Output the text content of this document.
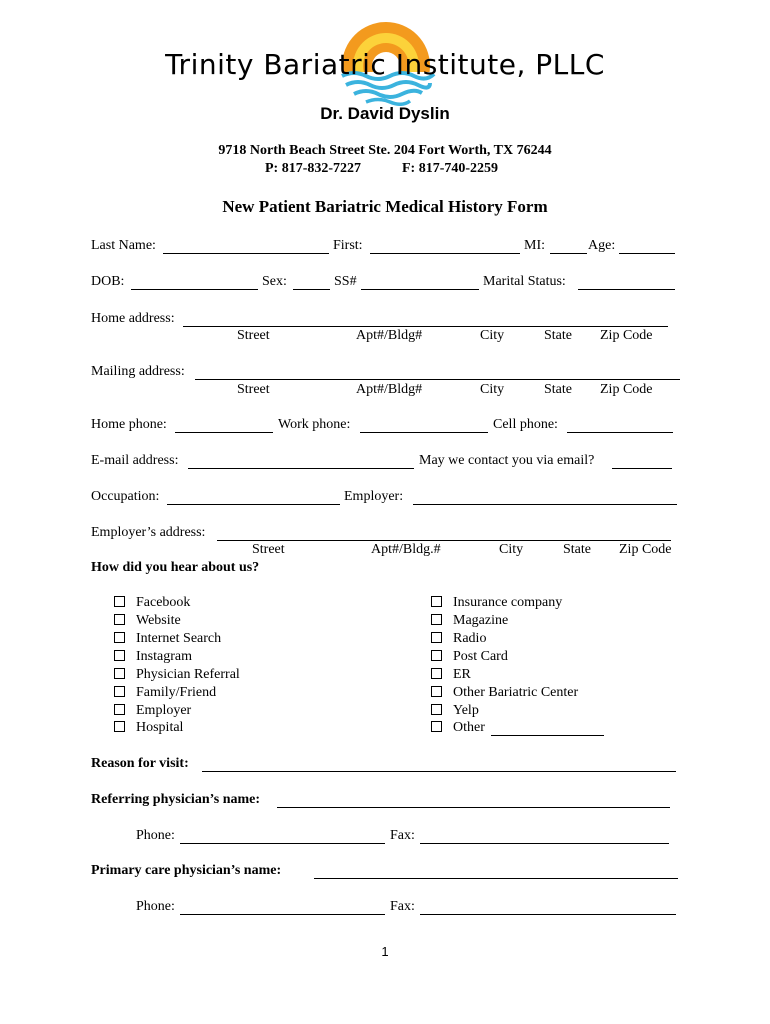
Trinity Bariatric Institute, PLLC
Dr. David Dyslin
9718 North Beach Street Ste. 204 Fort Worth, TX 76244
P: 817-832-7227	F: 817-740-2259
New Patient Bariatric Medical History Form
Last Name:	First:	MI:	Age:
DOB:	Sex:	SS#	Marital Status:
Home address:
Street	Apt#/Bldg#	City	State Zip Code
Mailing address:
Street	Apt#/Bldg#	City	State Zip Code
Home phone:	Work phone:	Cell phone:
E-mail address:	May we contact you via email?
Occupation:	Employer:
Employer’s address:
Street	Apt#/Bldg.#	City	State Zip Code
How did you hear about us?
Facebook
Website
Internet Search
Instagram
Physician Referral
Family/Friend
Employer
Hospital
Insurance company
Magazine
Radio
Post Card
ER
Other Bariatric Center
Yelp
Other
Reason for visit:
Referring physician’s name:
Phone:	Fax:
Primary care physician’s name:
Phone:	Fax:
1
